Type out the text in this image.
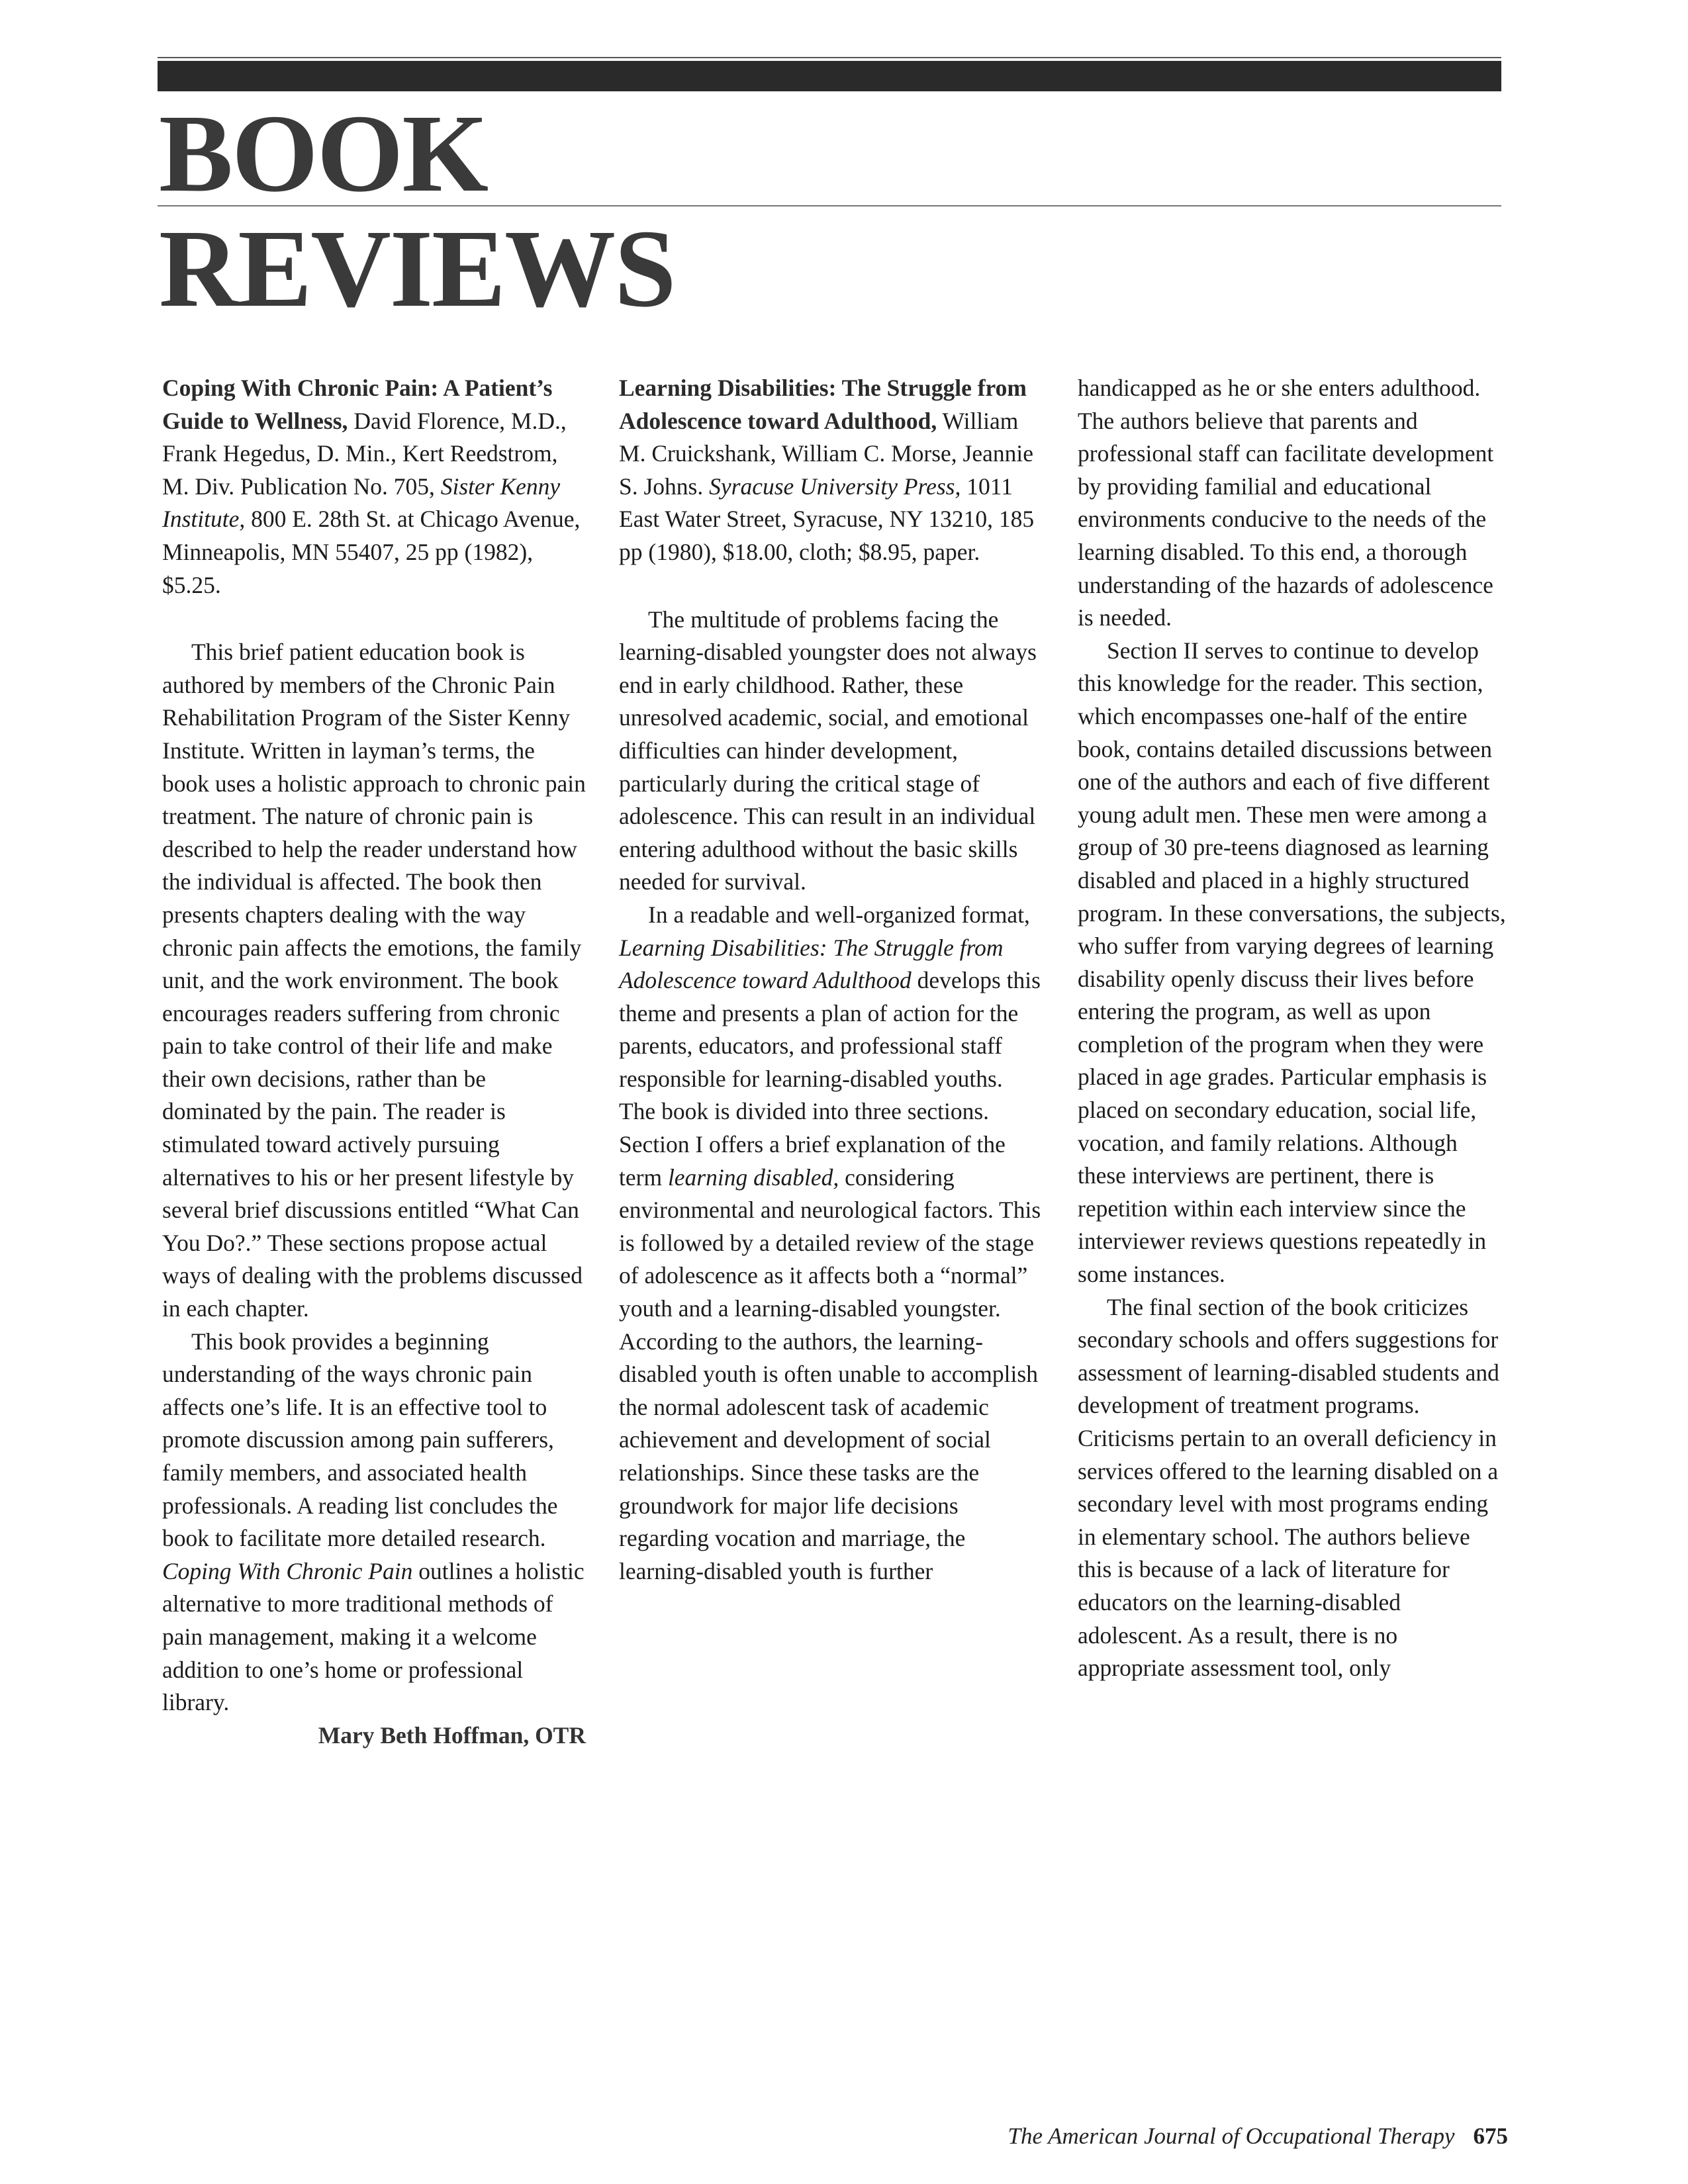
BOOK
REVIEWS

Coping With Chronic Pain: A Patient’s Guide to Wellness, David Florence, M.D., Frank Hegedus, D. Min., Kert Reedstrom, M. Div. Publication No. 705, Sister Kenny Institute, 800 E. 28th St. at Chicago Avenue, Minneapolis, MN 55407, 25 pp (1982), $5.25.

This brief patient education book is authored by members of the Chronic Pain Rehabilitation Program of the Sister Kenny Institute. Written in layman’s terms, the book uses a holistic approach to chronic pain treatment. The nature of chronic pain is described to help the reader understand how the individual is affected. The book then presents chapters dealing with the way chronic pain affects the emotions, the family unit, and the work environment. The book encourages readers suffering from chronic pain to take control of their life and make their own decisions, rather than be dominated by the pain. The reader is stimulated toward actively pursuing alternatives to his or her present lifestyle by several brief discussions entitled “What Can You Do?.” These sections propose actual ways of dealing with the problems discussed in each chapter.

This book provides a beginning understanding of the ways chronic pain affects one’s life. It is an effective tool to promote discussion among pain sufferers, family members, and associated health professionals. A reading list concludes the book to facilitate more detailed research. Coping With Chronic Pain outlines a holistic alternative to more traditional methods of pain management, making it a welcome addition to one’s home or professional library.

Mary Beth Hoffman, OTR

Learning Disabilities: The Struggle from Adolescence toward Adulthood, William M. Cruickshank, William C. Morse, Jeannie S. Johns. Syracuse University Press, 1011 East Water Street, Syracuse, NY 13210, 185 pp (1980), $18.00, cloth; $8.95, paper.

The multitude of problems facing the learning-disabled youngster does not always end in early childhood. Rather, these unresolved academic, social, and emotional difficulties can hinder development, particularly during the critical stage of adolescence. This can result in an individual entering adulthood without the basic skills needed for survival.

In a readable and well-organized format, Learning Disabilities: The Struggle from Adolescence toward Adulthood develops this theme and presents a plan of action for the parents, educators, and professional staff responsible for learning-disabled youths. The book is divided into three sections. Section I offers a brief explanation of the term learning disabled, considering environmental and neurological factors. This is followed by a detailed review of the stage of adolescence as it affects both a “normal” youth and a learning-disabled youngster. According to the authors, the learning-disabled youth is often unable to accomplish the normal adolescent task of academic achievement and development of social relationships. Since these tasks are the groundwork for major life decisions regarding vocation and marriage, the learning-disabled youth is further

handicapped as he or she enters adulthood. The authors believe that parents and professional staff can facilitate development by providing familial and educational environments conducive to the needs of the learning disabled. To this end, a thorough understanding of the hazards of adolescence is needed.

Section II serves to continue to develop this knowledge for the reader. This section, which encompasses one-half of the entire book, contains detailed discussions between one of the authors and each of five different young adult men. These men were among a group of 30 pre-teens diagnosed as learning disabled and placed in a highly structured program. In these conversations, the subjects, who suffer from varying degrees of learning disability openly discuss their lives before entering the program, as well as upon completion of the program when they were placed in age grades. Particular emphasis is placed on secondary education, social life, vocation, and family relations. Although these interviews are pertinent, there is repetition within each interview since the interviewer reviews questions repeatedly in some instances.

The final section of the book criticizes secondary schools and offers suggestions for assessment of learning-disabled students and development of treatment programs. Criticisms pertain to an overall deficiency in services offered to the learning disabled on a secondary level with most programs ending in elementary school. The authors believe this is because of a lack of literature for educators on the learning-disabled adolescent. As a result, there is no appropriate assessment tool, only

The American Journal of Occupational Therapy 675
